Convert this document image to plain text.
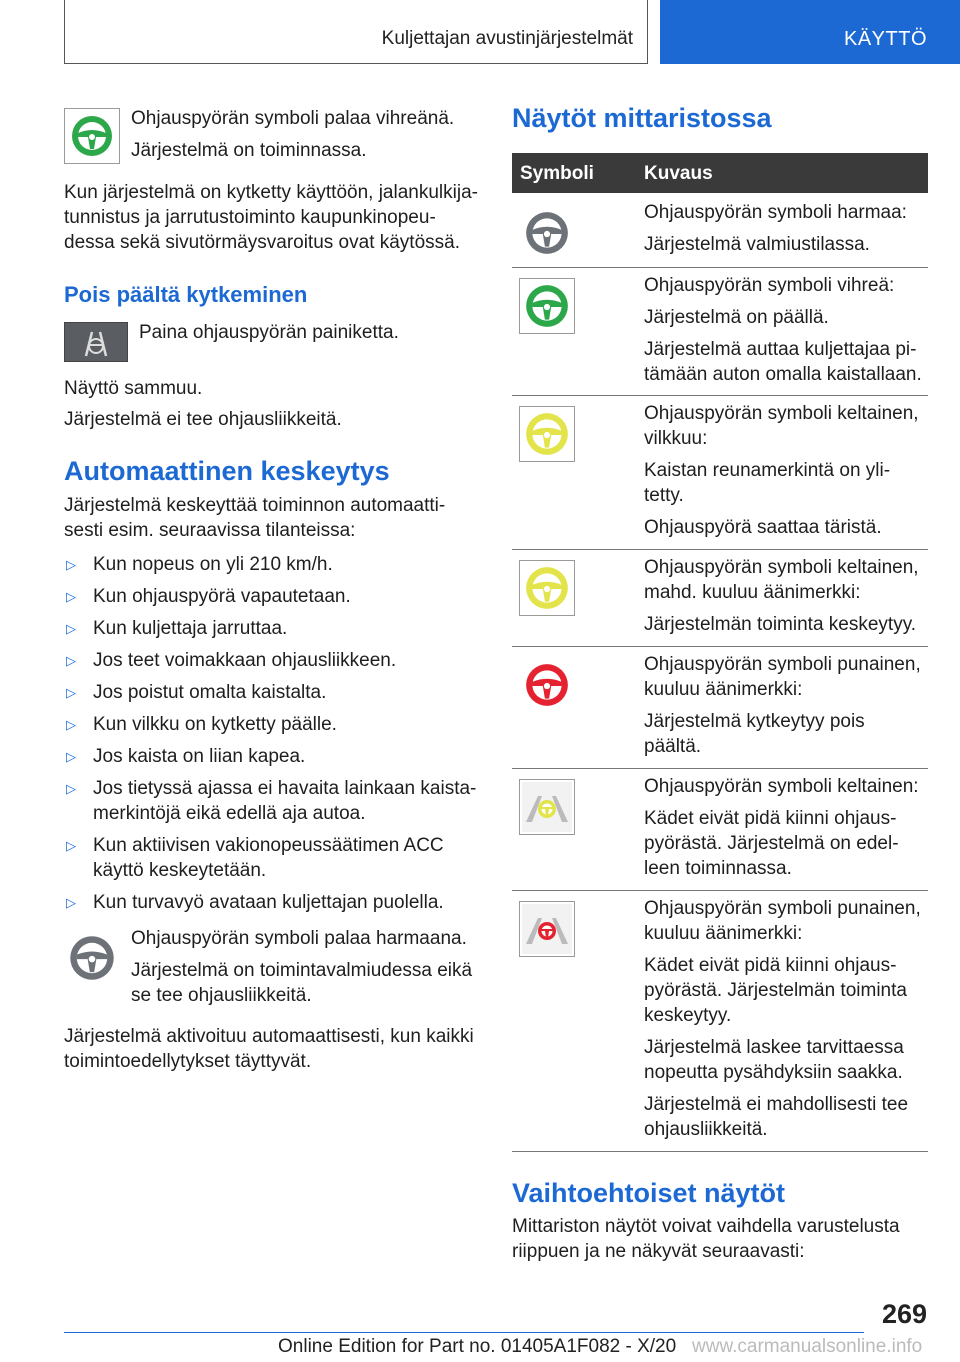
Kuljettajan avustinjärjestelmät	KÄYTTÖ
Ohjauspyörän symboli palaa vihreänä.
Järjestelmä on toiminnassa.
Kun järjestelmä on kytketty käyttöön, jalankulkija-
tunnistus ja jarrutustoiminto kaupunkinopeu-
dessa sekä sivutörmäysvaroitus ovat käytössä.
Pois päältä kytkeminen
Paina ohjauspyörän painiketta.
Näyttö sammuu.
Järjestelmä ei tee ohjausliikkeitä.
Automaattinen keskeytys
Järjestelmä keskeyttää toiminnon automaatti-
sesti esim. seuraavissa tilanteissa:
▷ Kun nopeus on yli 210 km/h.
▷ Kun ohjauspyörä vapautetaan.
▷ Kun kuljettaja jarruttaa.
▷ Jos teet voimakkaan ohjausliikkeen.
▷ Jos poistut omalta kaistalta.
▷ Kun vilkku on kytketty päälle.
▷ Jos kaista on liian kapea.
▷ Jos tietyssä ajassa ei havaita lainkaan kaista-
merkintöjä eikä edellä aja autoa.
▷ Kun aktiivisen vakionopeussäätimen ACC
käyttö keskeytetään.
▷ Kun turvavyö avataan kuljettajan puolella.
Ohjauspyörän symboli palaa harmaana.
Järjestelmä on toimintavalmiudessa eikä
se tee ohjausliikkeitä.
Järjestelmä aktivoituu automaattisesti, kun kaikki
toimintoedellytykset täyttyvät.
Näytöt mittaristossa
Symboli	Kuvaus
Ohjauspyörän symboli harmaa:
Järjestelmä valmiustilassa.
Ohjauspyörän symboli vihreä:
Järjestelmä on päällä.
Järjestelmä auttaa kuljettajaa pi-
tämään auton omalla kaistallaan.
Ohjauspyörän symboli keltainen,
vilkkuu:
Kaistan reunamerkintä on yli-
tetty.
Ohjauspyörä saattaa täristä.
Ohjauspyörän symboli keltainen,
mahd. kuuluu äänimerkki:
Järjestelmän toiminta keskeytyy.
Ohjauspyörän symboli punainen,
kuuluu äänimerkki:
Järjestelmä kytkeytyy pois
päältä.
Ohjauspyörän symboli keltainen:
Kädet eivät pidä kiinni ohjaus-
pyörästä. Järjestelmä on edel-
leen toiminnassa.
Ohjauspyörän symboli punainen,
kuuluu äänimerkki:
Kädet eivät pidä kiinni ohjaus-
pyörästä. Järjestelmän toiminta
keskeytyy.
Järjestelmä laskee tarvittaessa
nopeutta pysähdyksiin saakka.
Järjestelmä ei mahdollisesti tee
ohjausliikkeitä.
Vaihtoehtoiset näytöt
Mittariston näytöt voivat vaihdella varustelusta
riippuen ja ne näkyvät seuraavasti:
269
Online Edition for Part no. 01405A1F082 - X/20 www.carmanualsonline.info
